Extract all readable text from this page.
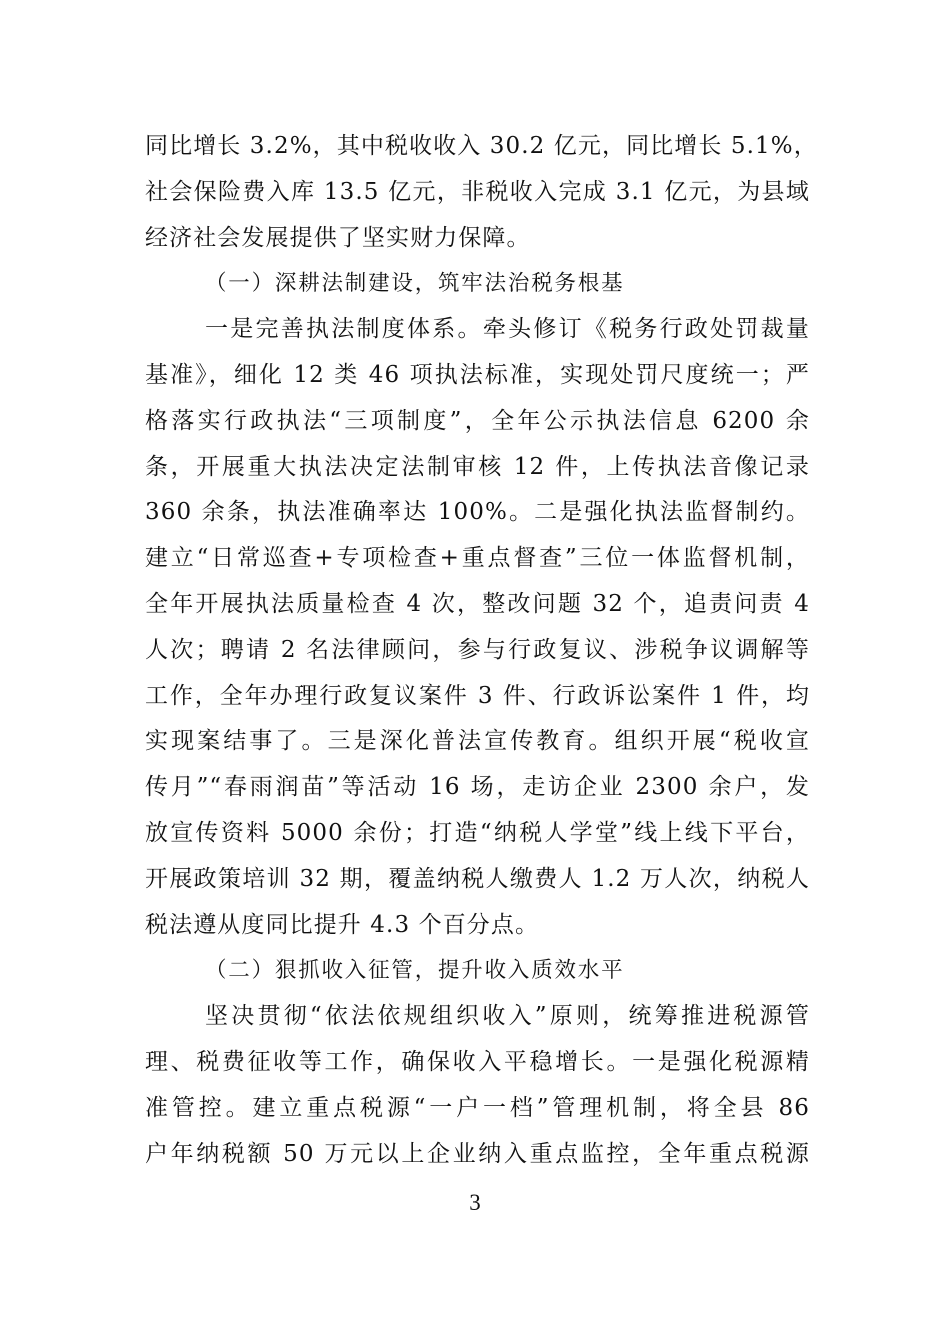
同比增长 3.2%，其中税收收入 30.2 亿元，同比增长 5.1%，
社会保险费入库 13.5 亿元，非税收入完成 3.1 亿元，为县域
经济社会发展提供了坚实财力保障。
（一）深耕法制建设，筑牢法治税务根基
一是完善执法制度体系。牵头修订《税务行政处罚裁量
基准》，细化 12 类 46 项执法标准，实现处罚尺度统一；严
格落实行政执法“三项制度”，全年公示执法信息 6200 余
条，开展重大执法决定法制审核 12 件，上传执法音像记录
360 余条，执法准确率达 100%。二是强化执法监督制约。
建立“日常巡查+专项检查+重点督查”三位一体监督机制，
全年开展执法质量检查 4 次，整改问题 32 个，追责问责 4
人次；聘请 2 名法律顾问，参与行政复议、涉税争议调解等
工作，全年办理行政复议案件 3 件、行政诉讼案件 1 件，均
实现案结事了。三是深化普法宣传教育。组织开展“税收宣
传月”“春雨润苗”等活动 16 场，走访企业 2300 余户，发
放宣传资料 5000 余份；打造“纳税人学堂”线上线下平台，
开展政策培训 32 期，覆盖纳税人缴费人 1.2 万人次，纳税人
税法遵从度同比提升 4.3 个百分点。
（二）狠抓收入征管，提升收入质效水平
坚决贯彻“依法依规组织收入”原则，统筹推进税源管
理、税费征收等工作，确保收入平稳增长。一是强化税源精
准管控。建立重点税源“一户一档”管理机制，将全县 86
户年纳税额 50 万元以上企业纳入重点监控，全年重点税源
3
